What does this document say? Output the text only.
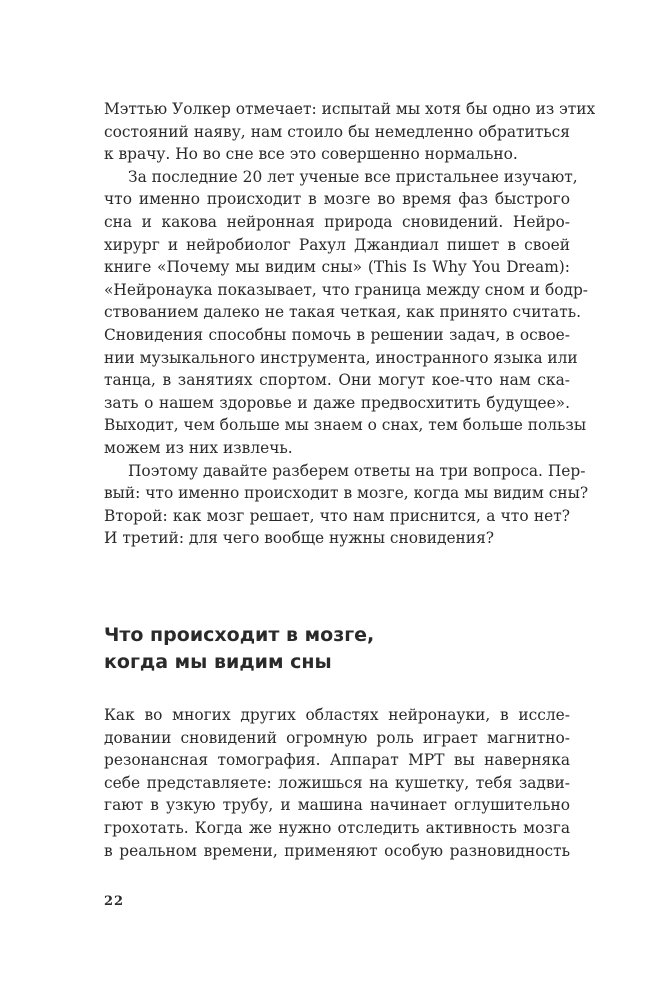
Мэттью Уолкер отмечает: испытай мы хотя бы одно из этих
состояний наяву, нам стоило бы немедленно обратиться
к врачу. Но во сне все это совершенно нормально.
За последние 20 лет ученые все пристальнее изучают,
что именно происходит в мозге во время фаз быстрого
сна и какова нейронная природа сновидений. Нейро-
хирург и нейробиолог Рахул Джандиал пишет в своей
книге «Почему мы видим сны» (This Is Why You Dream):
«Нейронаука показывает, что граница между сном и бодр-
ствованием далеко не такая четкая, как принято считать.
Сновидения способны помочь в решении задач, в освое-
нии музыкального инструмента, иностранного языка или
танца, в занятиях спортом. Они могут кое-что нам ска-
зать о нашем здоровье и даже предвосхитить будущее».
Выходит, чем больше мы знаем о снах, тем больше пользы
можем из них извлечь.
Поэтому давайте разберем ответы на три вопроса. Пер-
вый: что именно происходит в мозге, когда мы видим сны?
Второй: как мозг решает, что нам приснится, а что нет?
И третий: для чего вообще нужны сновидения?
Что происходит в мозге,
когда мы видим сны
Как во многих других областях нейронауки, в иссле-
довании сновидений огромную роль играет магнитно-
резонансная томография. Аппарат МРТ вы наверняка
себе представляете: ложишься на кушетку, тебя задви-
гают в узкую трубу, и машина начинает оглушительно
грохотать. Когда же нужно отследить активность мозга
в реальном времени, применяют особую разновидность
22
